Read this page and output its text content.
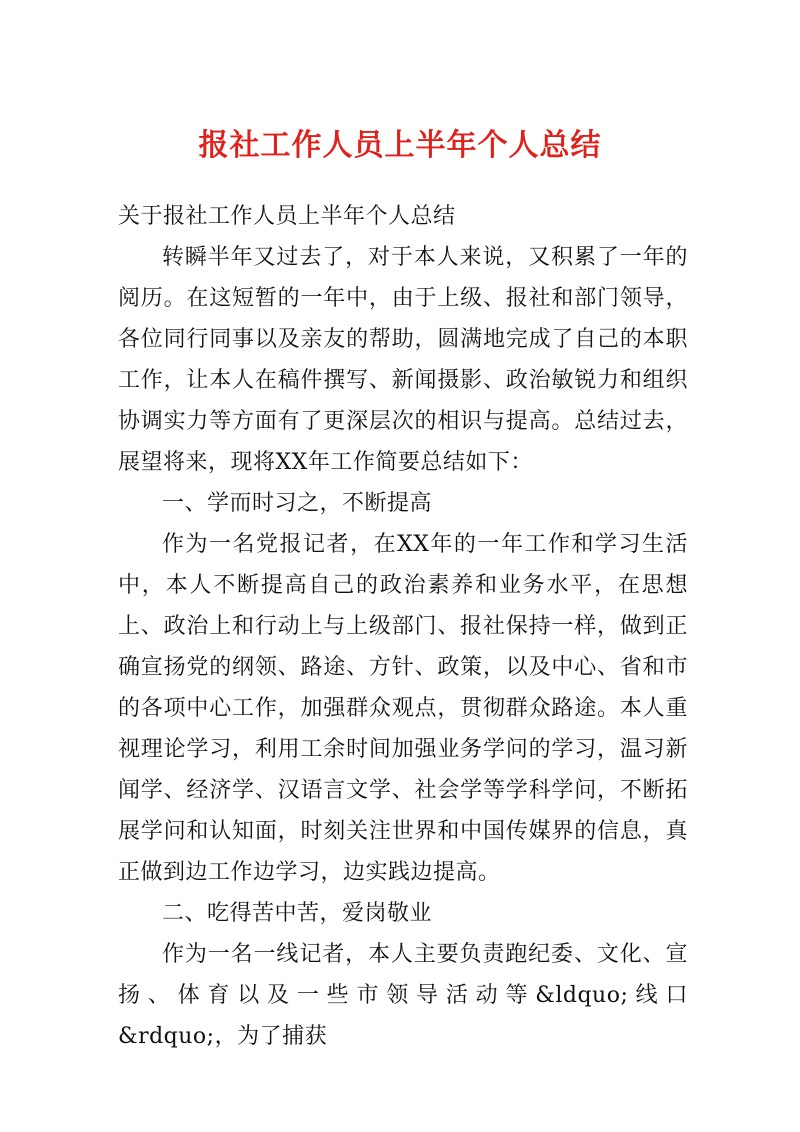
报社工作人员上半年个人总结

关于报社工作人员上半年个人总结

转瞬半年又过去了，对于本人来说，又积累了一年的阅历。在这短暂的一年中，由于上级、报社和部门领导，各位同行同事以及亲友的帮助，圆满地完成了自己的本职工作，让本人在稿件撰写、新闻摄影、政治敏锐力和组织协调实力等方面有了更深层次的相识与提高。总结过去，展望将来，现将XX年工作简要总结如下：

一、学而时习之，不断提高

作为一名党报记者，在XX年的一年工作和学习生活中，本人不断提高自己的政治素养和业务水平，在思想上、政治上和行动上与上级部门、报社保持一样，做到正确宣扬党的纲领、路途、方针、政策，以及中心、省和市的各项中心工作，加强群众观点，贯彻群众路途。本人重视理论学习，利用工余时间加强业务学问的学习，温习新闻学、经济学、汉语言文学、社会学等学科学问，不断拓展学问和认知面，时刻关注世界和中国传媒界的信息，真正做到边工作边学习，边实践边提高。

二、吃得苦中苦，爱岗敬业

作为一名一线记者，本人主要负责跑纪委、文化、宣扬、体育以及一些市领导活动等&ldquo;线口&rdquo;，为了捕获
